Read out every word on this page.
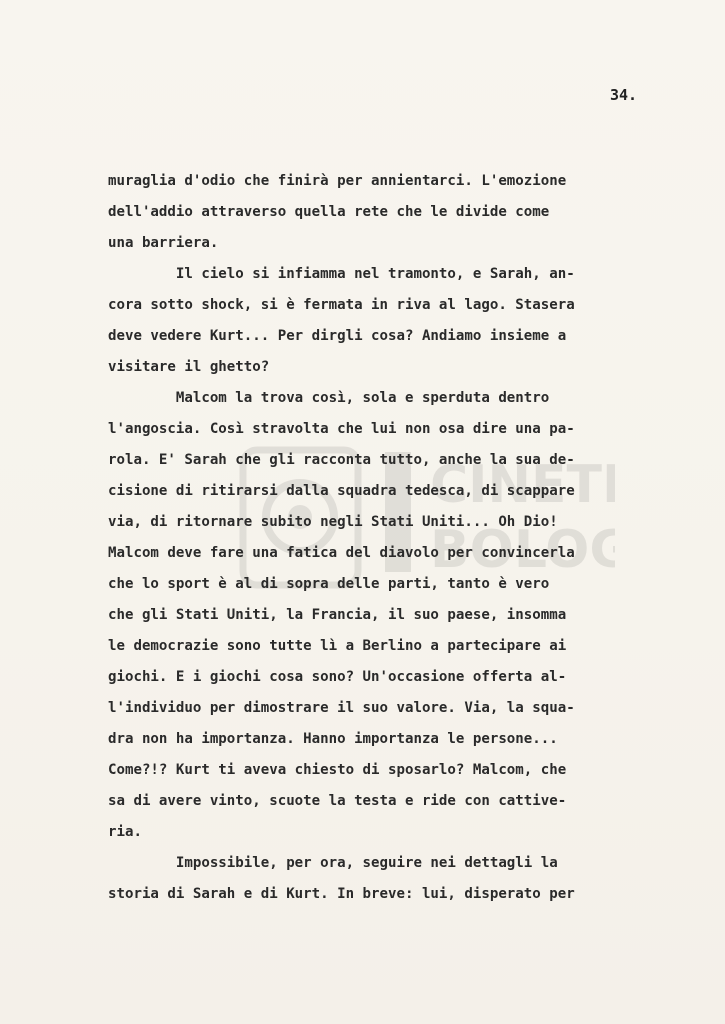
34.
CINET
BOLOG
muraglia d'odio che finirà per annientarci. L'emozione
dell'addio attraverso quella rete che le divide come
una barriera.
Il cielo si infiamma nel tramonto, e Sarah, an-
cora sotto shock, si è fermata in riva al lago. Stasera
deve vedere Kurt... Per dirgli cosa? Andiamo insieme a
visitare il ghetto?
Malcom la trova così, sola e sperduta dentro
l'angoscia. Così stravolta che lui non osa dire una pa-
rola. E' Sarah che gli racconta tutto, anche la sua de-
cisione di ritirarsi dalla squadra tedesca, di scappare
via, di ritornare subito negli Stati Uniti... Oh Dio!
Malcom deve fare una fatica del diavolo per convincerla
che lo sport è al di sopra delle parti, tanto è vero
che gli Stati Uniti, la Francia, il suo paese, insomma
le democrazie sono tutte lì a Berlino a partecipare ai
giochi. E i giochi cosa sono? Un'occasione offerta al-
l'individuo per dimostrare il suo valore. Via, la squa-
dra non ha importanza. Hanno importanza le persone...
Come?!? Kurt ti aveva chiesto di sposarlo? Malcom, che
sa di avere vinto, scuote la testa e ride con cattive-
ria.
Impossibile, per ora, seguire nei dettagli la
storia di Sarah e di Kurt. In breve: lui, disperato per
